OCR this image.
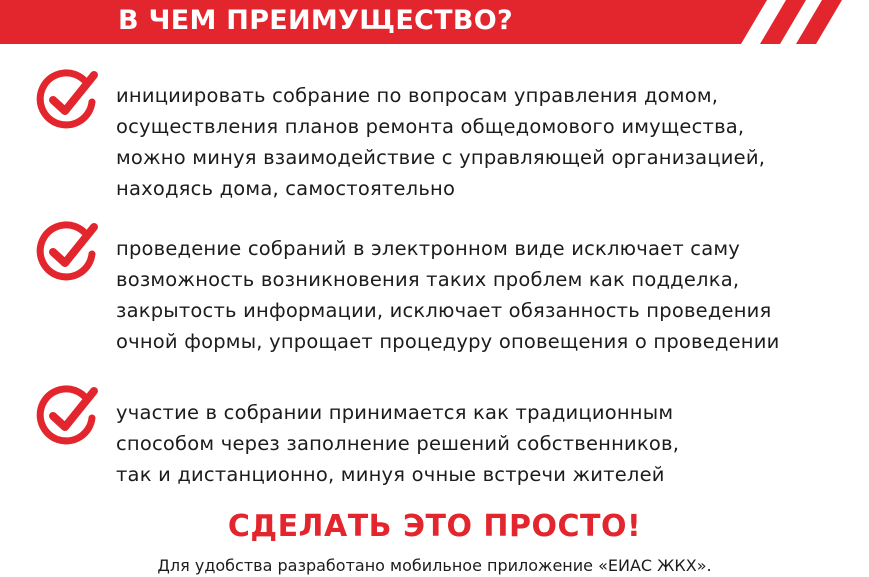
В ЧЕМ ПРЕИМУЩЕСТВО?
инициировать собрание по вопросам управления домом,
осуществления планов ремонта общедомового имущества,
можно минуя взаимодействие с управляющей организацией,
находясь дома, самостоятельно
проведение собраний в электронном виде исключает саму
возможность возникновения таких проблем как подделка,
закрытость информации, исключает обязанность проведения
очной формы, упрощает процедуру оповещения о проведении
участие в собрании принимается как традиционным
способом через заполнение решений собственников,
так и дистанционно, минуя очные встречи жителей
СДЕЛАТЬ ЭТО ПРОСТО!
Для удобства разработано мобильное приложение «ЕИАС ЖКХ».
